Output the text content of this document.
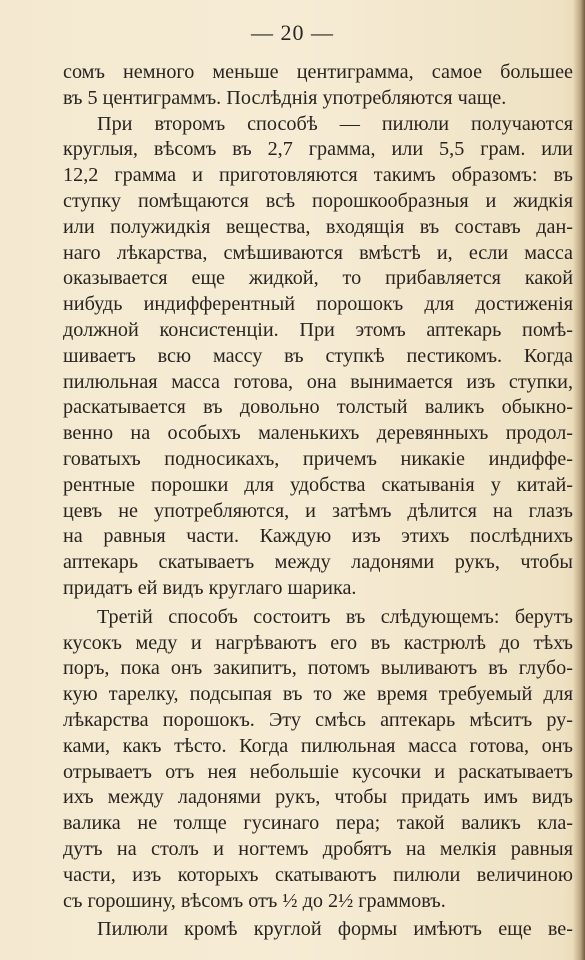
— 20 —
сомъ немного меньше центиграмма, самое большее
въ 5 центиграммъ. Послѣднія употребляются чаще.
При второмъ способѣ — пилюли получаются
круглыя, вѣсомъ въ 2,7 грамма, или 5,5 грам. или
12,2 грамма и приготовляются такимъ образомъ: въ
ступку помѣщаются всѣ порошкообразныя и жидкія
или полужидкія вещества, входящія въ составъ дан-
наго лѣкарства, смѣшиваются вмѣстѣ и, если масса
оказывается еще жидкой, то прибавляется какой
нибудь индифферентный порошокъ для достиженія
должной консистенціи. При этомъ аптекарь помѣ-
шиваетъ всю массу въ ступкѣ пестикомъ. Когда
пилюльная масса готова, она вынимается изъ ступки,
раскатывается въ довольно толстый валикъ обыкно-
венно на особыхъ маленькихъ деревянныхъ продол-
говатыхъ подносикахъ, причемъ никакіе индиффе-
рентные порошки для удобства скатыванія у китай-
цевъ не употребляются, и затѣмъ дѣлится на глазъ
на равныя части. Каждую изъ этихъ послѣднихъ
аптекарь скатываетъ между ладонями рукъ, чтобы
придатъ ей видъ круглаго шарика.
Третій способъ состоитъ въ слѣдующемъ: берутъ
кусокъ меду и нагрѣваютъ его въ кастрюлѣ до тѣхъ
поръ, пока онъ закипитъ, потомъ выливаютъ въ глубо-
кую тарелку, подсыпая въ то же время требуемый для
лѣкарства порошокъ. Эту смѣсь аптекарь мѣситъ ру-
ками, какъ тѣсто. Когда пилюльная масса готова, онъ
отрываетъ отъ нея небольшіе кусочки и раскатываетъ
ихъ между ладонями рукъ, чтобы придать имъ видъ
валика не толще гусинаго пера; такой валикъ кла-
дутъ на столъ и ногтемъ дробятъ на мелкія равныя
части, изъ которыхъ скатываютъ пилюли величиною
съ горошину, вѣсомъ отъ ½ до 2½ граммовъ.
Пилюли кромѣ круглой формы имѣютъ еще ве-
